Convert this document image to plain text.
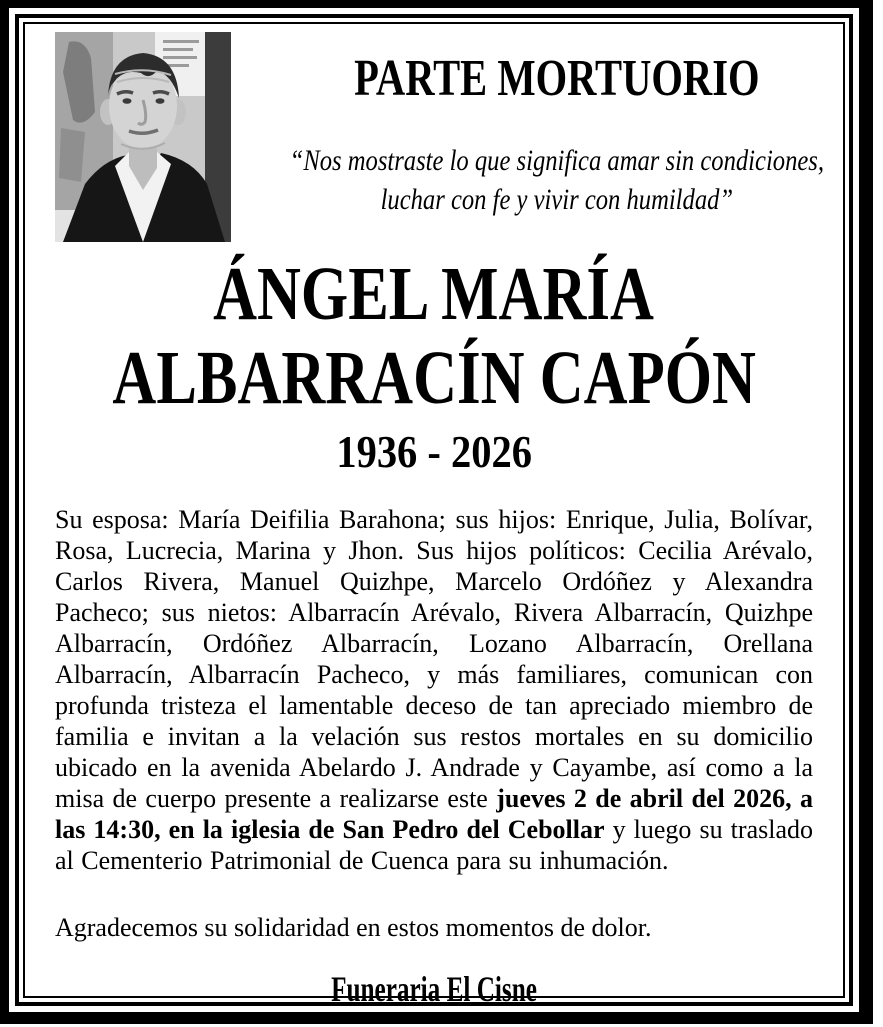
PARTE MORTUORIO
“Nos mostraste lo que significa amar sin condiciones,
luchar con fe y vivir con humildad”
ÁNGEL MARÍA
ALBARRACÍN CAPÓN
1936 - 2026

Su esposa: María Deifilia Barahona; sus hijos: Enrique, Julia, Bolívar, Rosa, Lucrecia, Marina y Jhon. Sus hijos políticos: Cecilia Arévalo, Carlos Rivera, Manuel Quizhpe, Marcelo Ordóñez y Alexandra Pacheco; sus nietos: Albarracín Arévalo, Rivera Albarracín, Quizhpe Albarracín, Ordóñez Albarracín, Lozano Albarracín, Orellana Albarracín, Albarracín Pacheco, y más familiares, comunican con profunda tristeza el lamentable deceso de tan apreciado miembro de familia e invitan a la velación sus restos mortales en su domicilio ubicado en la avenida Abelardo J. Andrade y Cayambe, así como a la misa de cuerpo presente a realizarse este jueves 2 de abril del 2026, a las 14:30, en la iglesia de San Pedro del Cebollar y luego su traslado al Cementerio Patrimonial de Cuenca para su inhumación.

Agradecemos su solidaridad en estos momentos de dolor.
Funeraria El Cisne
48916-1abr
